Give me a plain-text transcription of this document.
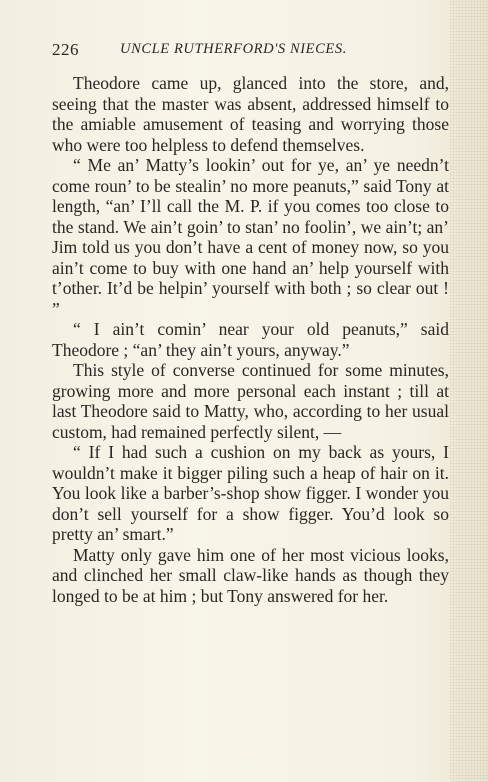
226	UNCLE RUTHERFORD'S NIECES.

Theodore came up, glanced into the store, and, seeing that the master was absent, addressed himself to the amiable amusement of teasing and worrying those who were too helpless to defend themselves.

“ Me an’ Matty’s lookin’ out for ye, an’ ye needn’t come roun’ to be stealin’ no more peanuts,” said Tony at length, “an’ I’ll call the M. P. if you comes too close to the stand. We ain’t goin’ to stan’ no foolin’, we ain’t; an’ Jim told us you don’t have a cent of money now, so you ain’t come to buy with one hand an’ help yourself with t’other. It’d be helpin’ yourself with both ; so clear out ! ”

“ I ain’t comin’ near your old peanuts,” said Theodore ; “an’ they ain’t yours, anyway.”

This style of converse continued for some minutes, growing more and more personal each instant ; till at last Theodore said to Matty, who, according to her usual custom, had remained perfectly silent, —

“ If I had such a cushion on my back as yours, I wouldn’t make it bigger piling such a heap of hair on it. You look like a barber’s-shop show figger. I wonder you don’t sell yourself for a show figger. You’d look so pretty an’ smart.”

Matty only gave him one of her most vicious looks, and clinched her small claw-like hands as though they longed to be at him ; but Tony answered for her.
